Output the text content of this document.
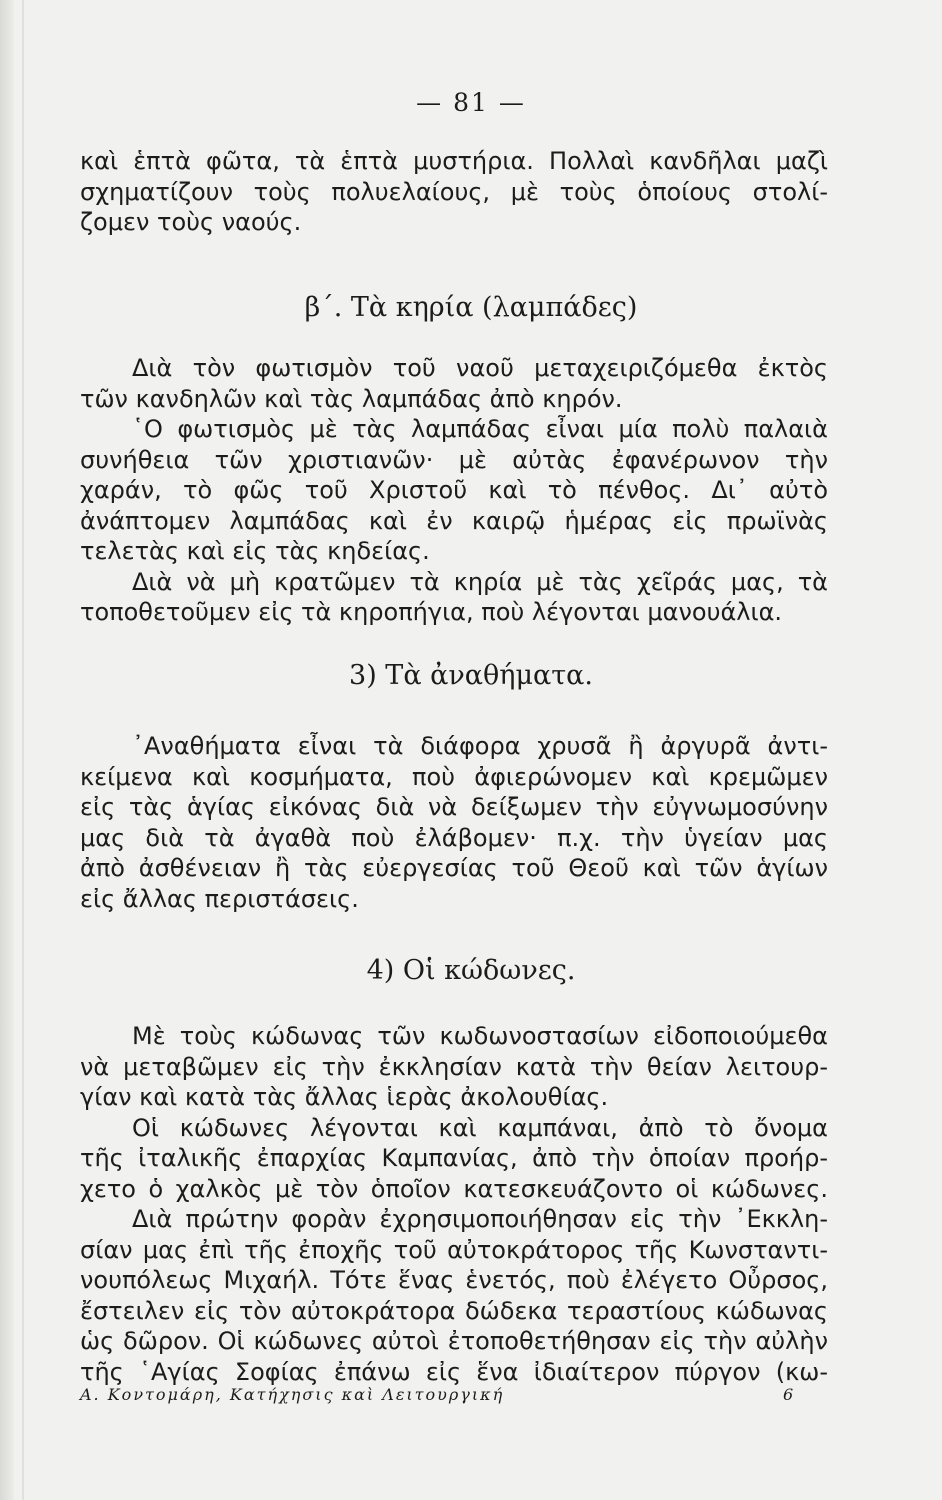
— 81 —
καὶ ἑπτὰ φῶτα, τὰ ἑπτὰ μυστήρια. Πολλαὶ κανδῆλαι μαζὶ
σχηματίζουν τοὺς πολυελαίους, μὲ τοὺς ὁποίους στολί-
ζομεν τοὺς ναούς.
β΄. Τὰ κηρία (λαμπάδες)
Διὰ τὸν φωτισμὸν τοῦ ναοῦ μεταχειριζόμεθα ἐκτὸς
τῶν κανδηλῶν καὶ τὰς λαμπάδας ἀπὸ κηρόν.
῾Ο φωτισμὸς μὲ τὰς λαμπάδας εἶναι μία πολὺ παλαιὰ
συνήθεια τῶν χριστιανῶν· μὲ αὐτὰς ἐφανέρωνον τὴν
χαράν, τὸ φῶς τοῦ Χριστοῦ καὶ τὸ πένθος. Δι᾽ αὐτὸ
ἀνάπτομεν λαμπάδας καὶ ἐν καιρῷ ἡμέρας εἰς πρωϊνὰς
τελετὰς καὶ εἰς τὰς κηδείας.
Διὰ νὰ μὴ κρατῶμεν τὰ κηρία μὲ τὰς χεῖράς μας, τὰ
τοποθετοῦμεν εἰς τὰ κηροπήγια, ποὺ λέγονται μανουάλια.
3) Τὰ ἀναθήματα.
᾽Αναθήματα εἶναι τὰ διάφορα χρυσᾶ ἢ ἀργυρᾶ ἀντι-
κείμενα καὶ κοσμήματα, ποὺ ἀφιερώνομεν καὶ κρεμῶμεν
εἰς τὰς ἁγίας εἰκόνας διὰ νὰ δείξωμεν τὴν εὐγνωμοσύνην
μας διὰ τὰ ἀγαθὰ ποὺ ἐλάβομεν· π.χ. τὴν ὑγείαν μας
ἀπὸ ἀσθένειαν ἢ τὰς εὐεργεσίας τοῦ Θεοῦ καὶ τῶν ἁγίων
εἰς ἄλλας περιστάσεις.
4) Οἱ κώδωνες.
Μὲ τοὺς κώδωνας τῶν κωδωνοστασίων εἰδοποιούμεθα
νὰ μεταβῶμεν εἰς τὴν ἐκκλησίαν κατὰ τὴν θείαν λειτουρ-
γίαν καὶ κατὰ τὰς ἄλλας ἱερὰς ἀκολουθίας.
Οἱ κώδωνες λέγονται καὶ καμπάναι, ἀπὸ τὸ ὄνομα
τῆς ἰταλικῆς ἐπαρχίας Καμπανίας, ἀπὸ τὴν ὁποίαν προήρ-
χετο ὁ χαλκὸς μὲ τὸν ὁποῖον κατεσκευάζοντο οἱ κώδωνες.
Διὰ πρώτην φορὰν ἐχρησιμοποιήθησαν εἰς τὴν ᾽Εκκλη-
σίαν μας ἐπὶ τῆς ἐποχῆς τοῦ αὐτοκράτορος τῆς Κωνσταντι-
νουπόλεως Μιχαήλ. Τότε ἕνας ἑνετός, ποὺ ἐλέγετο Οὖρσος,
ἔστειλεν εἰς τὸν αὐτοκράτορα δώδεκα τεραστίους κώδωνας
ὡς δῶρον. Οἱ κώδωνες αὐτοὶ ἐτοποθετήθησαν εἰς τὴν αὐλὴν
τῆς ῾Αγίας Σοφίας ἐπάνω εἰς ἕνα ἰδιαίτερον πύργον (κω-
Α. Κοντομάρη, Κατήχησις καὶ Λειτουργική	6
